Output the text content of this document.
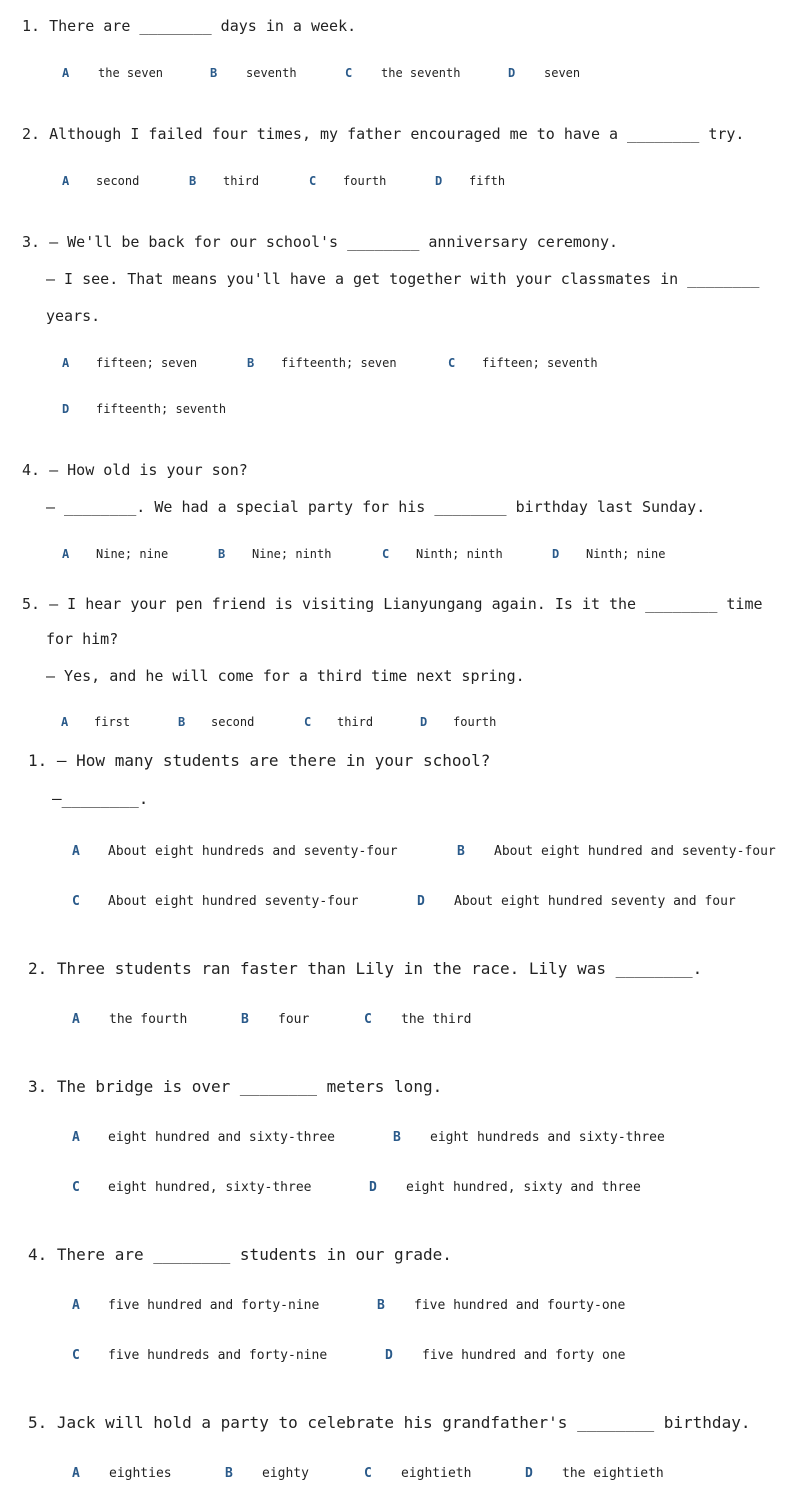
1. There are ________ days in a week.
2. Although I failed four times, my father encouraged me to have a ________ try.
3. — We'll be back for our school's ________ anniversary ceremony.
— I see. That means you'll have a get together with your classmates in ________
years.
4. — How old is your son?
— ________. We had a special party for his ________ birthday last Sunday.
5. — I hear your pen friend is visiting Lianyungang again. Is it the ________ time
for him?
— Yes, and he will come for a third time next spring.
1. — How many students are there in your school?
—________.
2. Three students ran faster than Lily in the race. Lily was ________.
3. The bridge is over ________ meters long.
4. There are ________ students in our grade.
5. Jack will hold a party to celebrate his grandfather's ________ birthday.
A the seven	B seventh	C the seventh	D seven
A second	B third	C fourth	D fifth
A fifteen; seven	B fifteenth; seven	C fifteen; seventh
D fifteenth; seventh
A Nine; nine	B Nine; ninth	C Ninth; ninth	D Ninth; nine
A first	B second	C third	D fourth
A About eight hundreds and seventy-four	B About eight hundred and seventy-four
C About eight hundred seventy-four	D About eight hundred seventy and four
A the fourth	B four	C the third
A eight hundred and sixty-three	B eight hundreds and sixty-three
C eight hundred, sixty-three	D eight hundred, sixty and three
A five hundred and forty-nine	B five hundred and fourty-one
C five hundreds and forty-nine	D five hundred and forty one
A eighties	B eighty	C eightieth	D the eightieth
